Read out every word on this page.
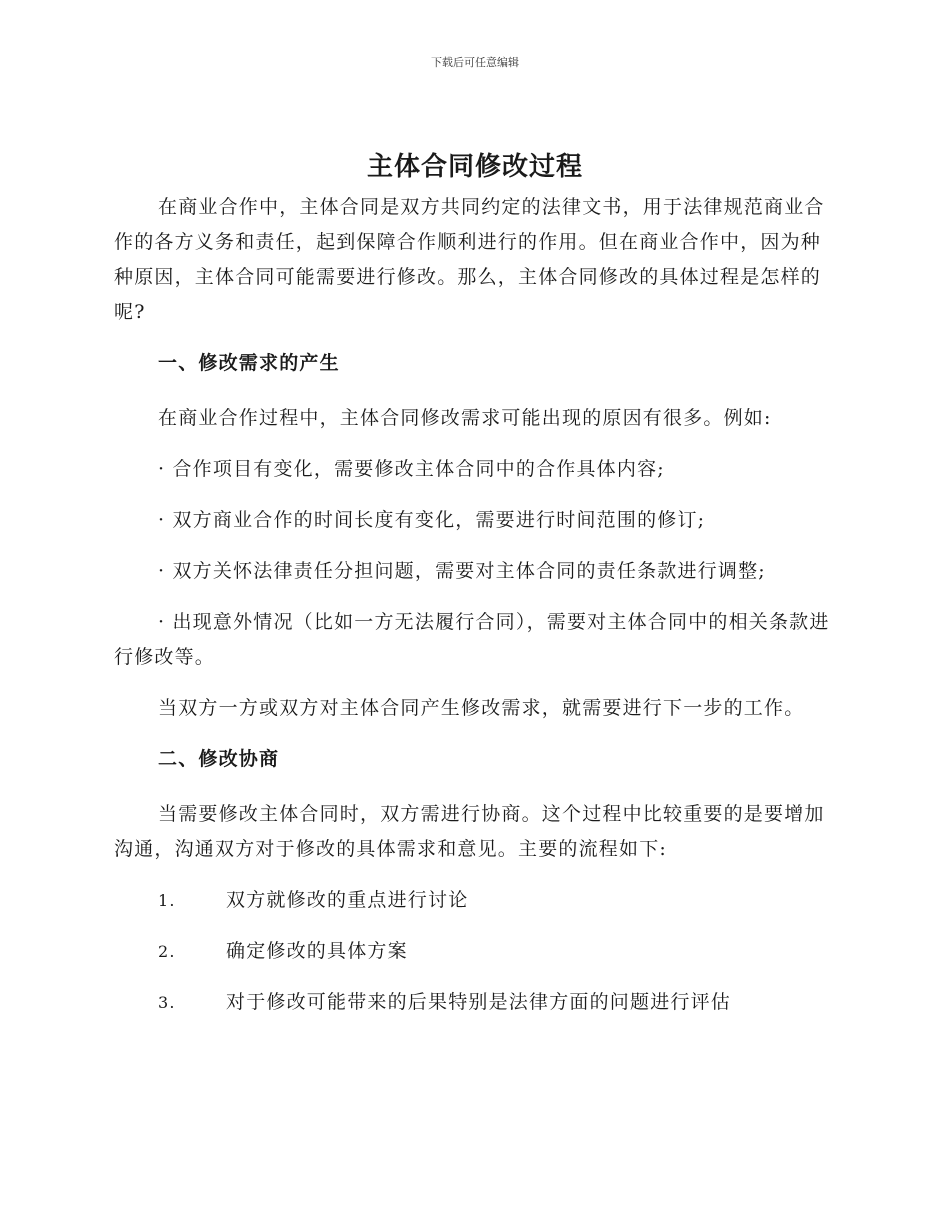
下载后可任意编辑
主体合同修改过程

在商业合作中，主体合同是双方共同约定的法律文书，用于法律规范商业合作的各方义务和责任，起到保障合作顺利进行的作用。但在商业合作中，因为种种原因，主体合同可能需要进行修改。那么，主体合同修改的具体过程是怎样的呢?

一、修改需求的产生

在商业合作过程中，主体合同修改需求可能出现的原因有很多。例如:

· 合作项目有变化，需要修改主体合同中的合作具体内容;

· 双方商业合作的时间长度有变化，需要进行时间范围的修订;

· 双方关怀法律责任分担问题，需要对主体合同的责任条款进行调整;

· 出现意外情况（比如一方无法履行合同），需要对主体合同中的相关条款进行修改等。

当双方一方或双方对主体合同产生修改需求，就需要进行下一步的工作。

二、修改协商

当需要修改主体合同时，双方需进行协商。这个过程中比较重要的是要增加沟通，沟通双方对于修改的具体需求和意见。主要的流程如下:

1.	双方就修改的重点进行讨论
2.	确定修改的具体方案
3.	对于修改可能带来的后果特别是法律方面的问题进行评估
